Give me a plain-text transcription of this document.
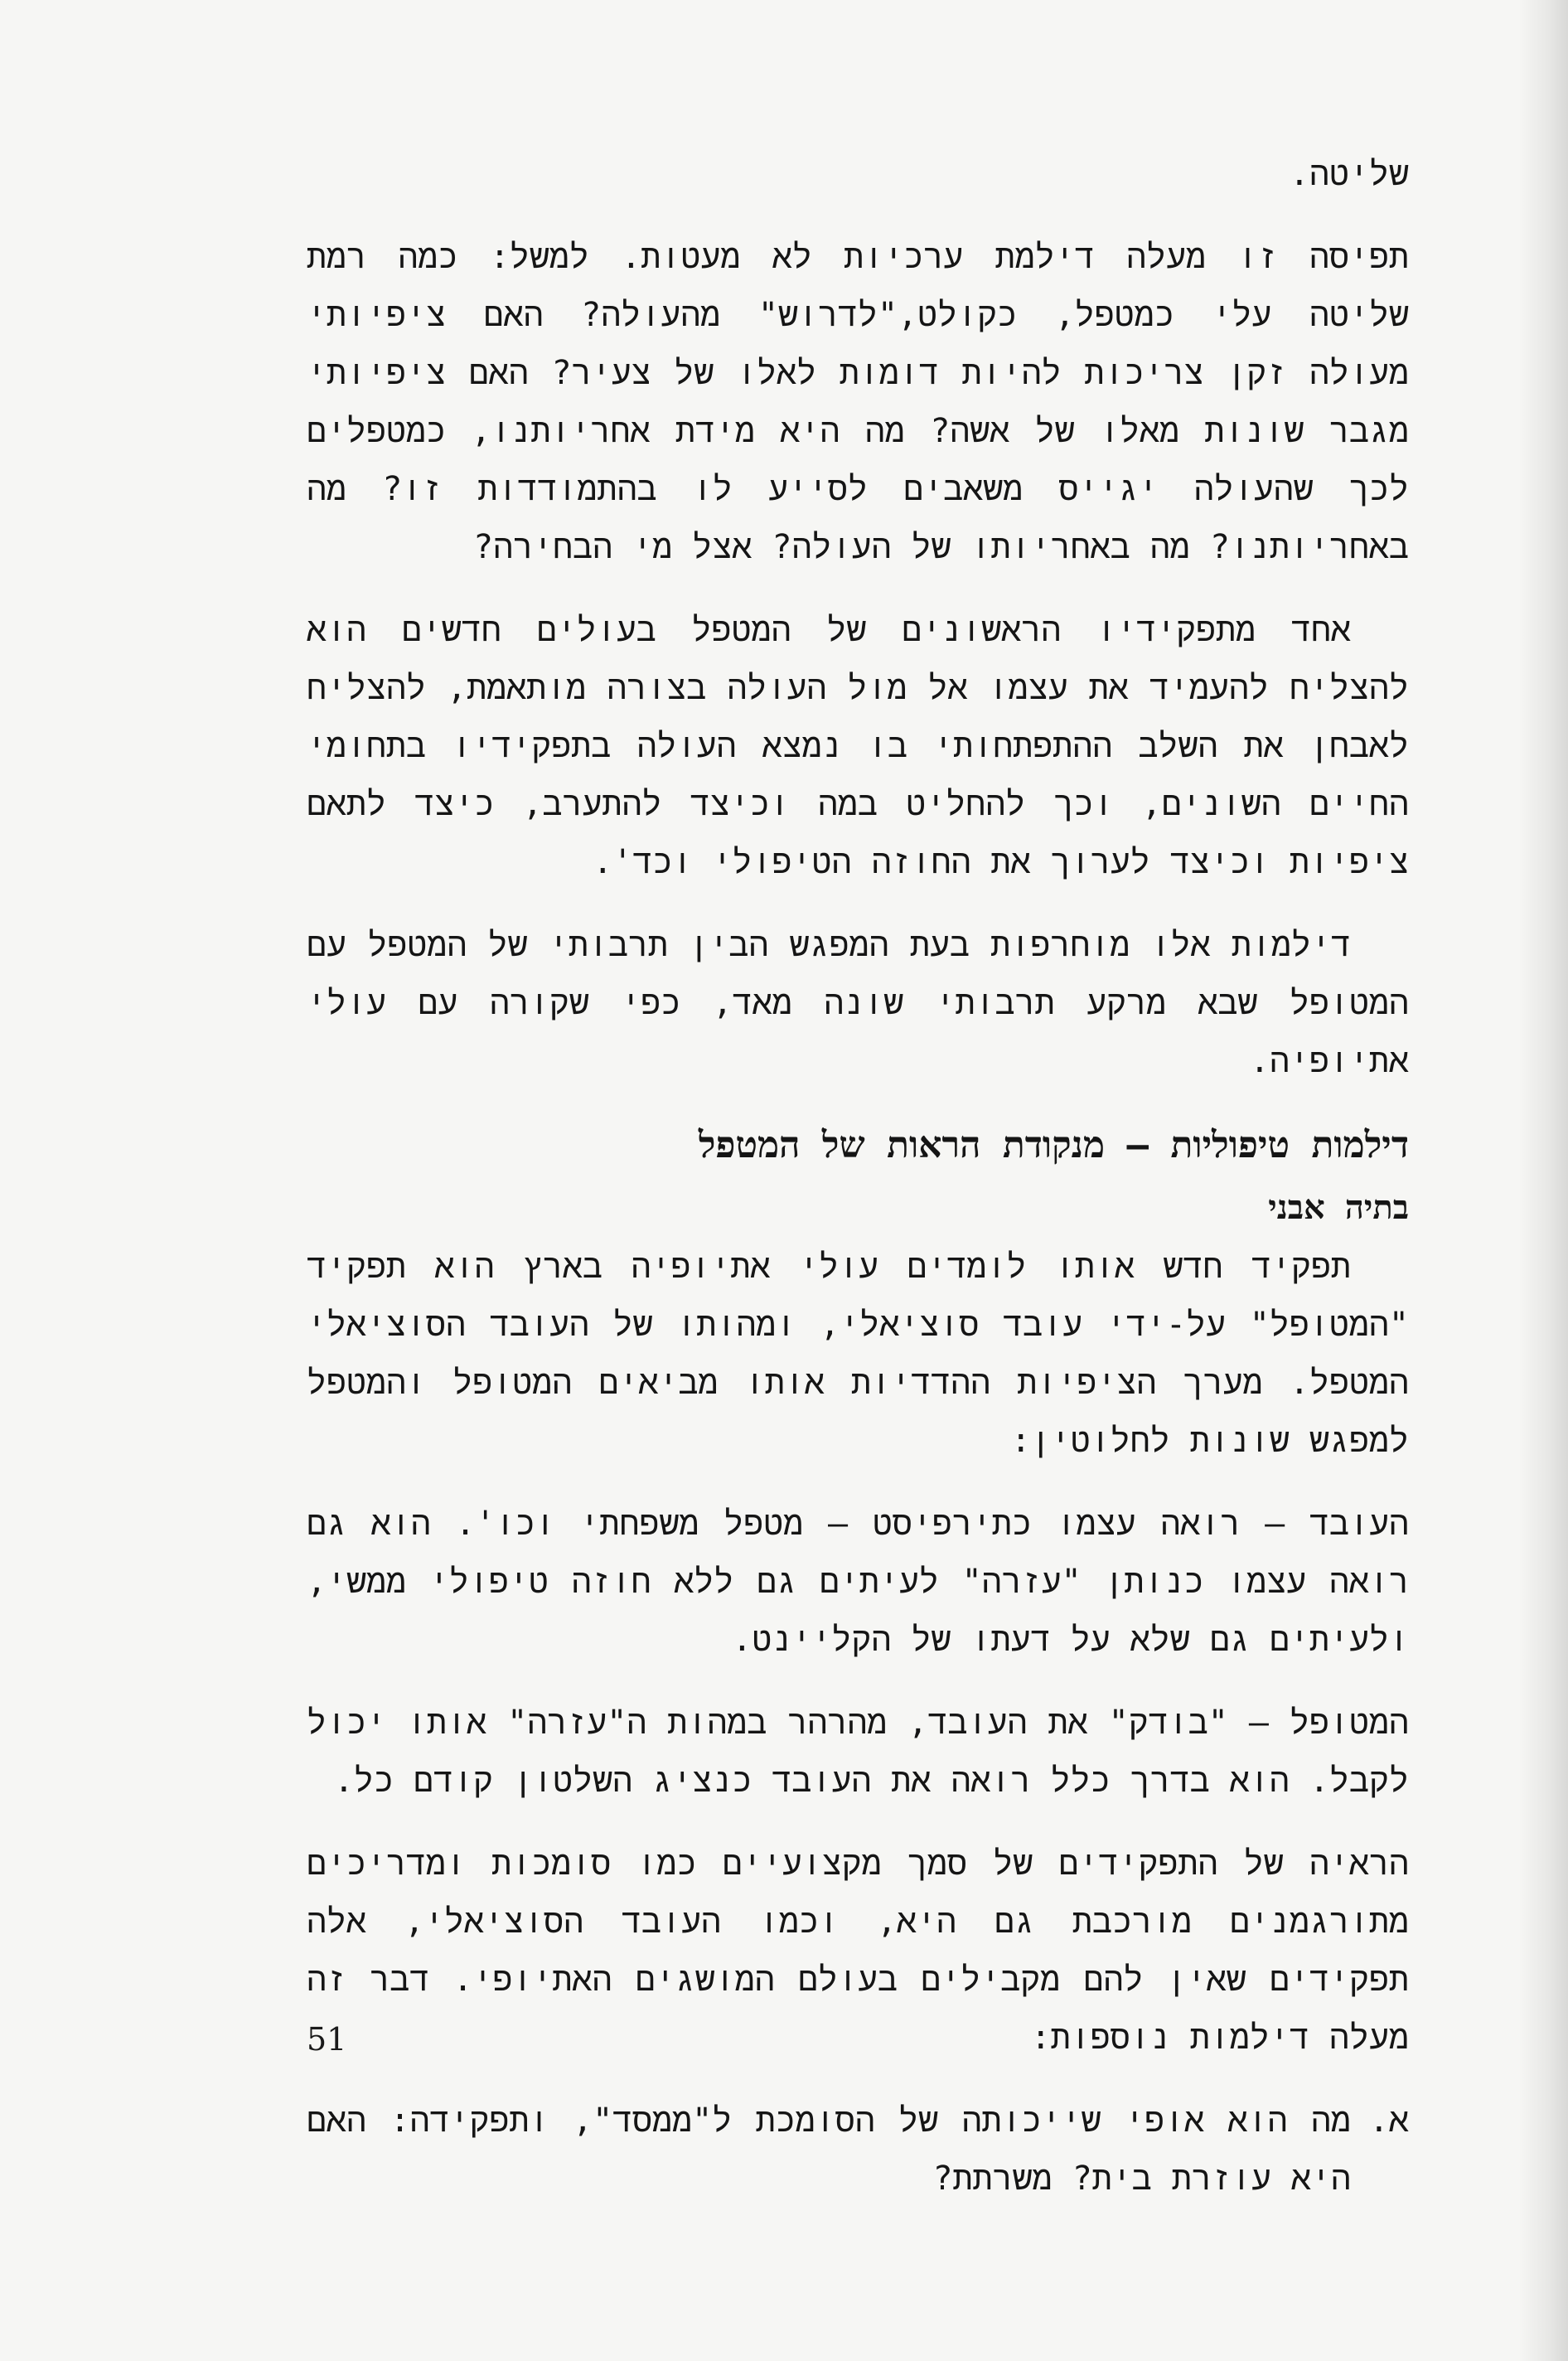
שליטה.

תפיסה זו מעלה דילמת ערכיות לא מעטות. למשל: כמה רמת שליטה עלי כמטפל, כקולט,"לדרוש" מהעולה? האם ציפיותי מעולה זקן צריכות להיות דומות לאלו של צעיר? האם ציפיותי מגבר שונות מאלו של אשה? מה היא מידת אחריותנו, כמטפלים לכך שהעולה יגייס משאבים לסייע לו בהתמודדות זו? מה באחריותנו? מה באחריותו של העולה? אצל מי הבחירה?

אחד מתפקידיו הראשונים של המטפל בעולים חדשים הוא להצליח להעמיד את עצמו אל מול העולה בצורה מותאמת, להצליח לאבחן את השלב ההתפתחותי בו נמצא העולה בתפקידיו בתחומי החיים השונים, וכך להחליט במה וכיצד להתערב, כיצד לתאם ציפיות וכיצד לערוך את החוזה הטיפולי וכד'.

דילמות אלו מוחרפות בעת המפגש הבין תרבותי של המטפל עם המטופל שבא מרקע תרבותי שונה מאד, כפי שקורה עם עולי אתיופיה.

דילמות טיפוליות – מנקודת הראות של המטפל
בתיה אבני

תפקיד חדש אותו לומדים עולי אתיופיה בארץ הוא תפקיד "המטופל" על-ידי עובד סוציאלי, ומהותו של העובד הסוציאלי המטפל. מערך הציפיות ההדדיות אותו מביאים המטופל והמטפל למפגש שונות לחלוטין:

העובד – רואה עצמו כתירפיסט – מטפל משפחתי וכו'. הוא גם רואה עצמו כנותן "עזרה" לעיתים גם ללא חוזה טיפולי ממשי, ולעיתים גם שלא על דעתו של הקליינט.

המטופל – "בודק" את העובד, מהרהר במהות ה"עזרה" אותו יכול לקבל. הוא בדרך כלל רואה את העובד כנציג השלטון קודם כל.

הראיה של התפקידים של סמך מקצועיים כמו סומכות ומדריכים מתורגמנים מורכבת גם היא, וכמו העובד הסוציאלי, אלה תפקידים שאין להם מקבילים בעולם המושגים האתיופי. דבר זה מעלה דילמות נוספות:

א.
מה הוא אופי שייכותה של הסומכת ל"ממסד", ותפקידה: האם היא עוזרת בית? משרתת?
51
